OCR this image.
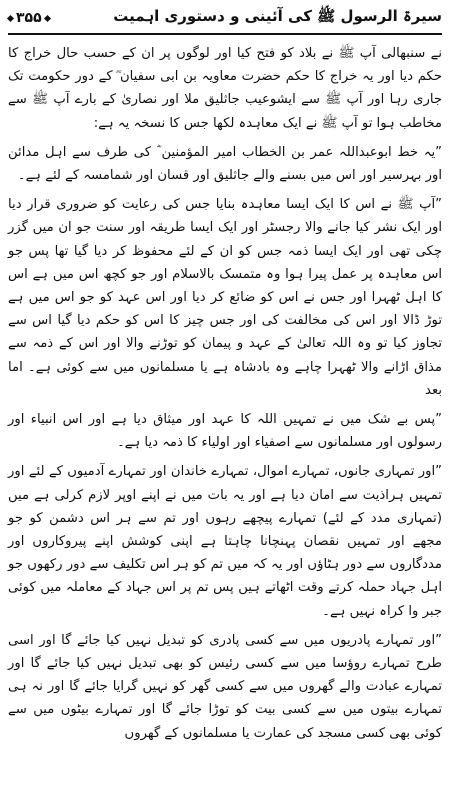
سیرۃ الرسول ﷺ کی آئینی و دستوری اہمیت
۳۵۵

نے سنبھالی آپ ﷺ نے بلاد کو فتح کیا اور لوگوں پر ان کے حسب حال خراج کا حکم دیا اور یہ خراج کا حکم حضرت معاویہ بن ابی سفیان ؓ کے دور حکومت تک جاری رہا اور آپ ﷺ سے ایشوعیب جاثلیق ملا اور نصاریٰ کے بارے آپ ﷺ سے مخاطب ہوا تو آپ ﷺ نے ایک معاہدہ لکھا جس کا نسخہ یہ ہے:

”یہ خط ابوعبداللہ عمر بن الخطاب امیر المؤمنین ؓ کی طرف سے اہل مدائن اور بہرسیر اور اس میں بسنے والے جاثلیق اور قسان اور شمامسہ کے لئے ہے۔

”آپ ﷺ نے اس کا ایک ایسا معاہدہ بنایا جس کی رعایت کو ضروری قرار دیا اور ایک نشر کیا جانے والا رجسٹر اور ایک ایسا طریقہ اور سنت جو ان میں گزر چکی تھی اور ایک ایسا ذمہ جس کو ان کے لئے محفوظ کر دیا گیا تھا پس جو اس معاہدہ پر عمل پیرا ہوا وہ متمسک بالاسلام اور جو کچھ اس میں ہے اس کا اہل ٹھہرا اور جس نے اس کو ضائع کر دیا اور اس عہد کو جو اس میں ہے توڑ ڈالا اور اس کی مخالفت کی اور جس چیز کا اس کو حکم دیا گیا اس سے تجاوز کیا تو وہ اللہ تعالیٰ کے عہد و پیمان کو توڑنے والا اور اس کے ذمہ سے مذاق اڑانے والا ٹھہرا چاہے وہ بادشاہ ہے یا مسلمانوں میں سے کوئی ہے۔ اما بعد

”پس بے شک میں نے تمہیں اللہ کا عہد اور میثاق دیا ہے اور اس انبیاء اور رسولوں اور مسلمانوں سے اصفیاء اور اولیاء کا ذمہ دیا ہے۔

”اور تمہاری جانوں، تمہارے اموال، تمہارے خاندان اور تمہارے آدمیوں کے لئے اور تمہیں ہراذیت سے امان دیا ہے اور یہ بات میں نے اپنے اوپر لازم کرلی ہے میں (تمہاری مدد کے لئے) تمہارے پیچھے رہوں اور تم سے ہر اس دشمن کو جو مجھے اور تمہیں نقصان پہنچانا چاہتا ہے اپنی کوشش اپنے پیروکاروں اور مددگاروں سے دور ہٹاؤں اور یہ کہ میں تم کو ہر اس تکلیف سے دور رکھوں جو اہل جہاد حملہ کرتے وقت اٹھاتے ہیں پس تم پر اس جہاد کے معاملہ میں کوئی جبر وا کراہ نہیں ہے۔

”اور تمہارے پادریوں میں سے کسی پادری کو تبدیل نہیں کیا جائے گا اور اسی طرح تمہارے روؤسا میں سے کسی رئیس کو بھی تبدیل نہیں کیا جائے گا اور تمہارے عبادت والے گھروں میں سے کسی گھر کو نہیں گرایا جائے گا اور نہ ہی تمہارے بیتوں میں سے کسی بیت کو توڑا جائے گا اور تمہارے بیٹوں میں سے کوئی بھی کسی مسجد کی عمارت یا مسلمانوں کے گھروں
